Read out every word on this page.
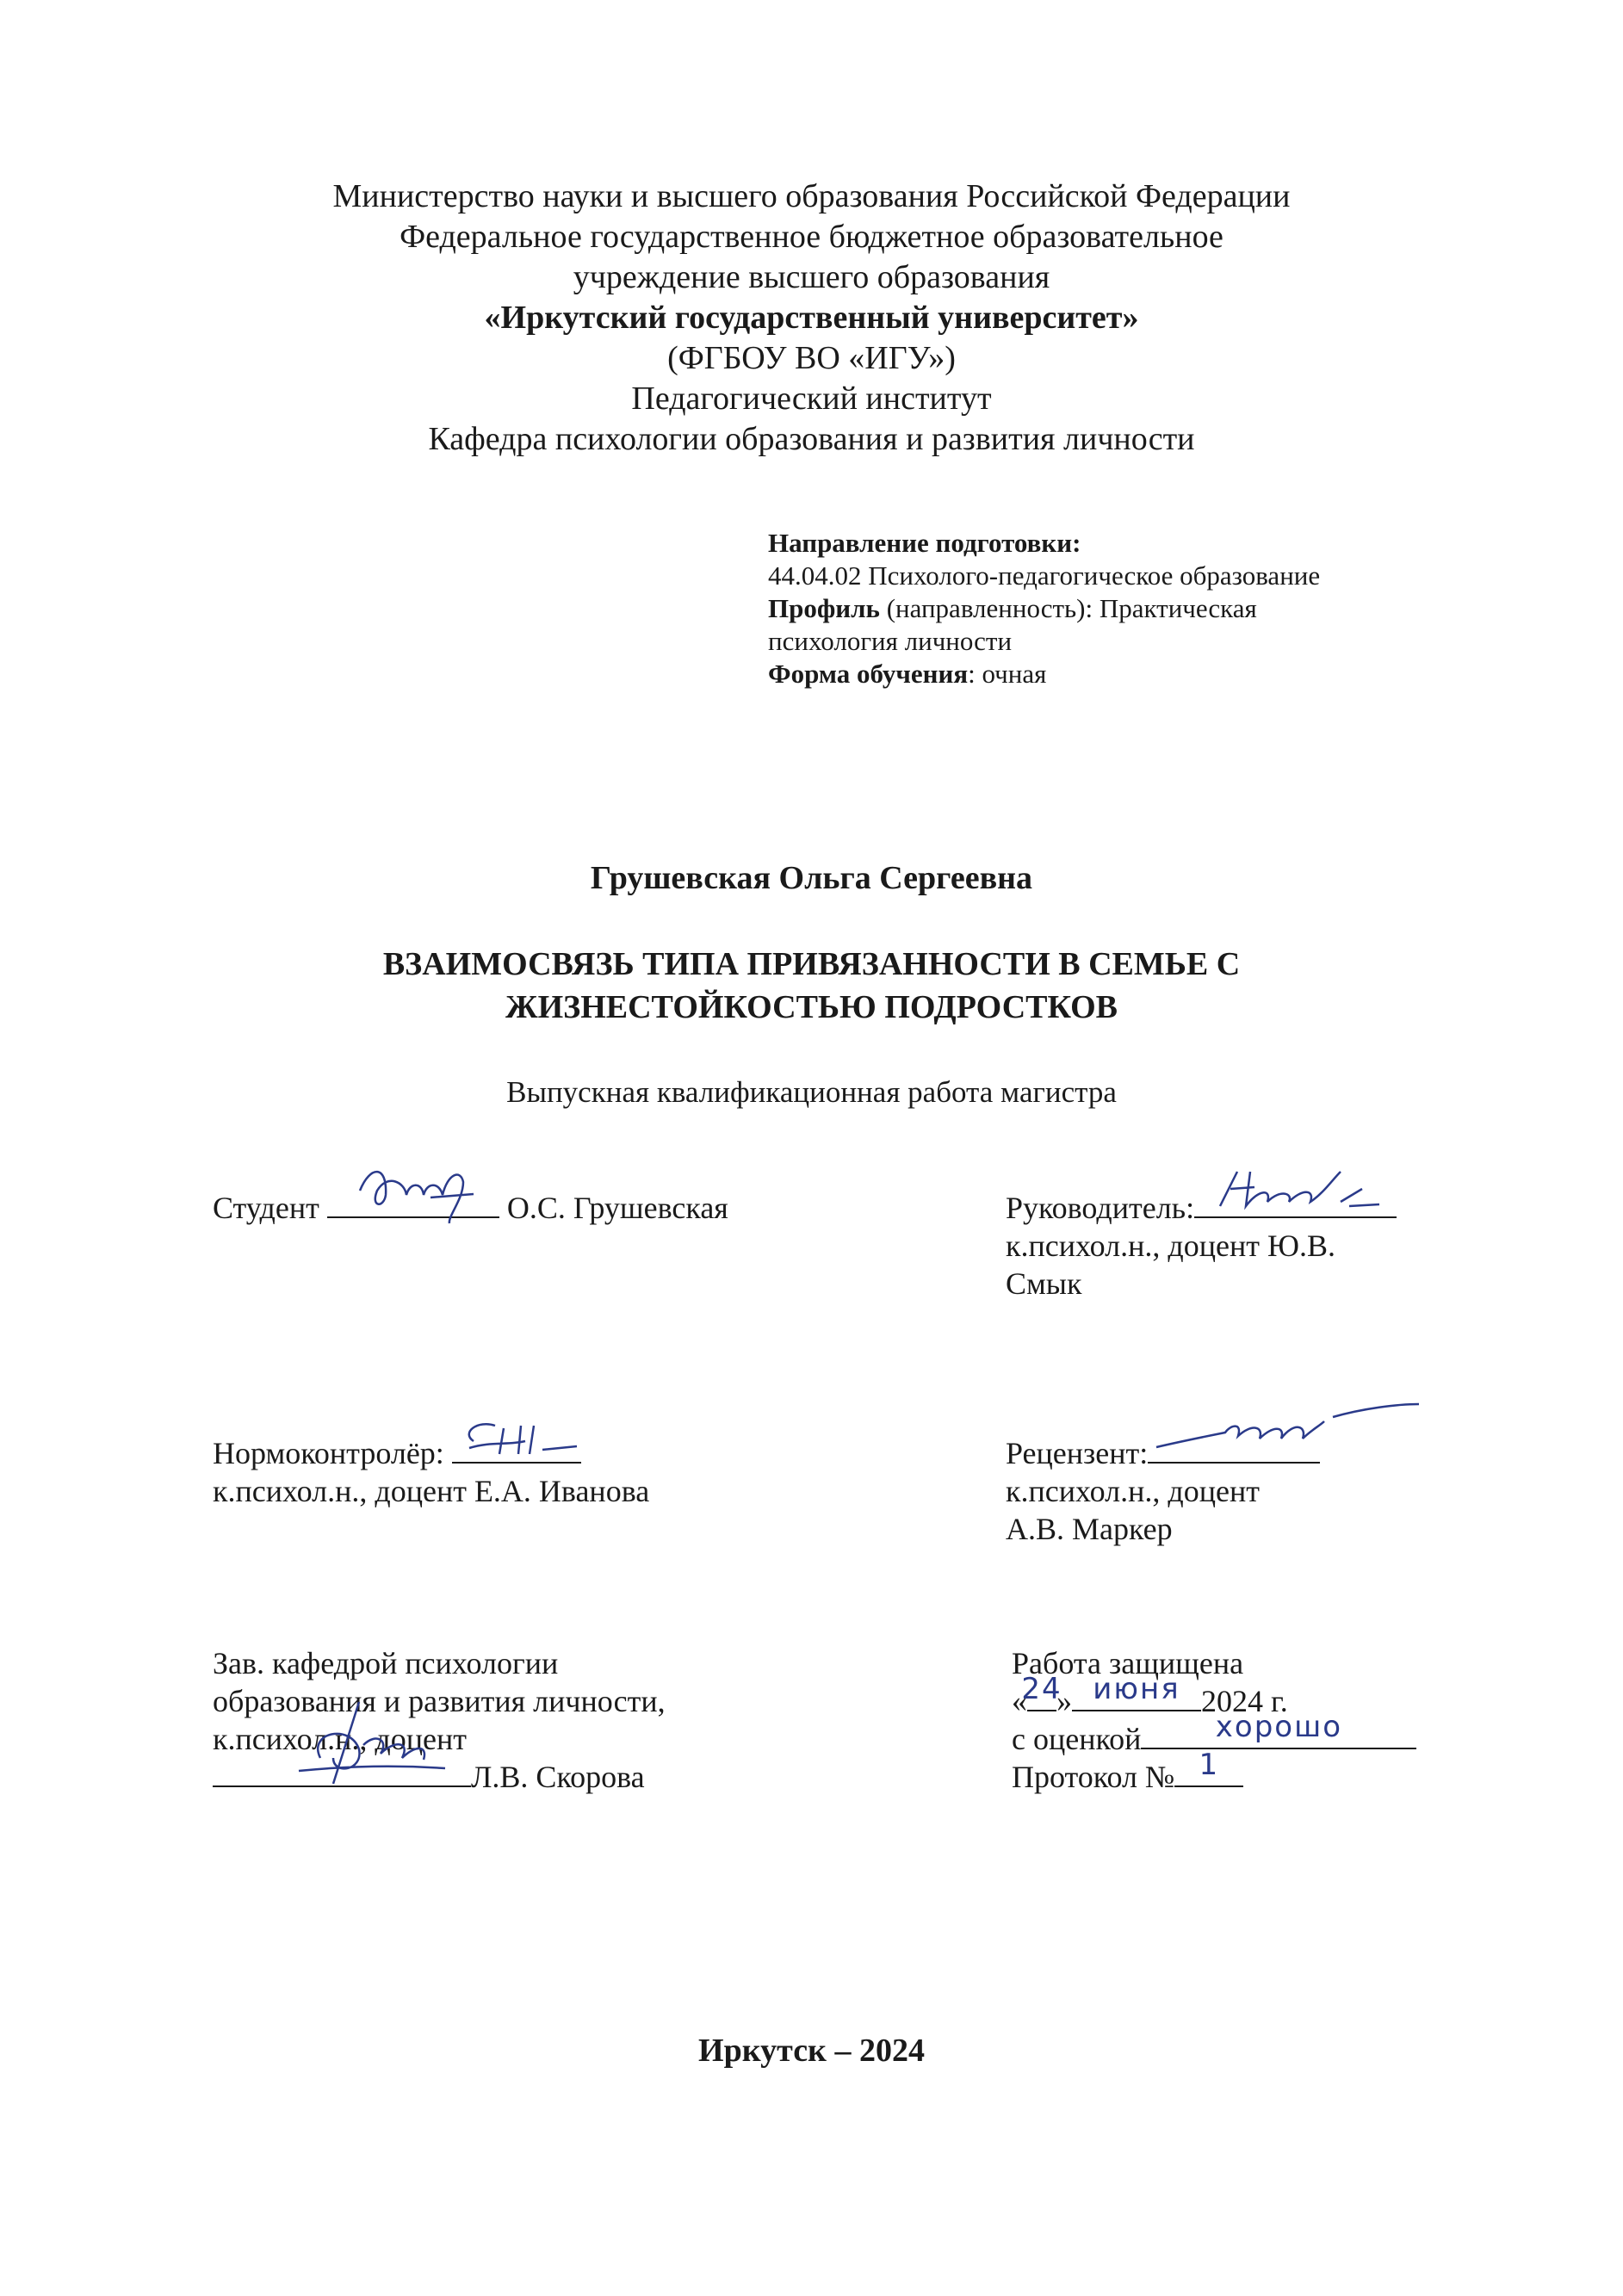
Министерство науки и высшего образования Российской Федерации
Федеральное государственное бюджетное образовательное
учреждение высшего образования
«Иркутский государственный университет»
(ФГБОУ ВО «ИГУ»)
Педагогический институт
Кафедра психологии образования и развития личности
Направление подготовки:
44.04.02 Психолого-педагогическое образование
Профиль (направленность): Практическая
психология личности
Форма обучения: очная
Грушевская Ольга Сергеевна
ВЗАИМОСВЯЗЬ ТИПА ПРИВЯЗАННОСТИ В СЕМЬЕ С
ЖИЗНЕСТОЙКОСТЬЮ ПОДРОСТКОВ
Выпускная квалификационная работа магистра
Студент	О.С. Грушевская	Руководитель:
к.психол.н., доцент Ю.В.
Смык
Нормоконтролёр:
к.психол.н., доцент Е.А. Иванова
Рецензент:
к.психол.н., доцент
А.В. Маркер
Зав. кафедрой психологии
образования и развития личности,
к.психол.н., доцент
Л.В. Скорова
Работа защищена
«
24
» июня 2024 г.
с оценкой	хорошо
Протокол № 1
Иркутск – 2024
